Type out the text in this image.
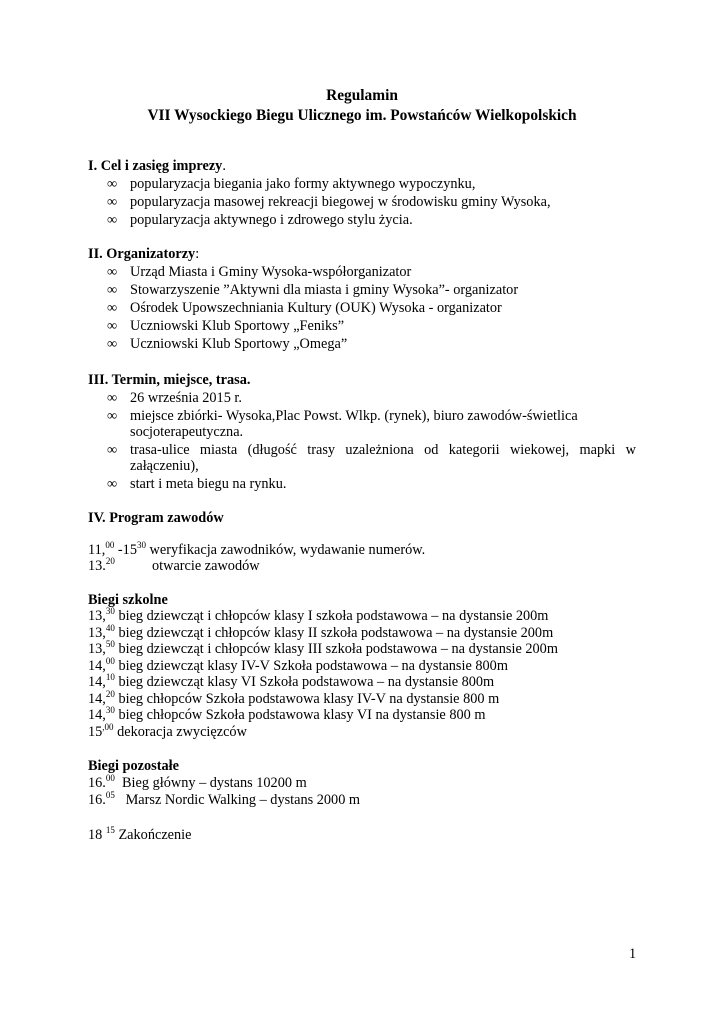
Regulamin
VII Wysockiego Biegu Ulicznego im. Powstańców Wielkopolskich
I. Cel i zasięg imprezy.
∞ popularyzacja biegania jako formy aktywnego wypoczynku,
∞ popularyzacja masowej rekreacji biegowej w środowisku gminy Wysoka,
∞ popularyzacja aktywnego i zdrowego stylu życia.
II. Organizatorzy:
∞ Urząd Miasta i Gminy Wysoka-współorganizator
∞ Stowarzyszenie ”Aktywni dla miasta i gminy Wysoka”- organizator
∞ Ośrodek Upowszechniania Kultury (OUK) Wysoka - organizator
∞ Uczniowski Klub Sportowy „Feniks”
∞ Uczniowski Klub Sportowy „Omega”
III. Termin, miejsce, trasa.
∞ 26 września 2015 r.
∞ miejsce zbiórki- Wysoka,Plac Powst. Wlkp. (rynek), biuro zawodów-świetlica
socjoterapeutyczna.
∞ trasa-ulice miasta (długość trasy uzależniona od kategorii wiekowej, mapki w
załączeniu),
∞ start i meta biegu na rynku.
IV. Program zawodów
11,00 $-15^{30}$ weryfikacja zawodników, wydawanie numerów.
13.20	otwarcie zawodów
Biegi szkolne
13,30 bieg dziewcząt i chłopców klasy I szkoła podstawowa – na dystansie 200m
13,40 bieg dziewcząt i chłopców klasy II szkoła podstawowa – na dystansie 200m
13,50 bieg dziewcząt i chłopców klasy III szkoła podstawowa – na dystansie 200m
14,00 bieg dziewcząt klasy IV-V Szkoła podstawowa – na dystansie 800m
14,10 bieg dziewcząt klasy VI Szkoła podstawowa – na dystansie 800m
14,20 bieg chłopców Szkoła podstawowa klasy IV-V na dystansie 800 m
14,30 bieg chłopców Szkoła podstawowa klasy VI na dystansie 800 m
$15^{,00}$ dekoracja zwycięzców
Biegi pozostałe
16.00  Bieg główny – dystans 10200 m
16.05   Marsz Nordic Walking – dystans 2000 m
18 $^{15}$ Zakończenie
1
